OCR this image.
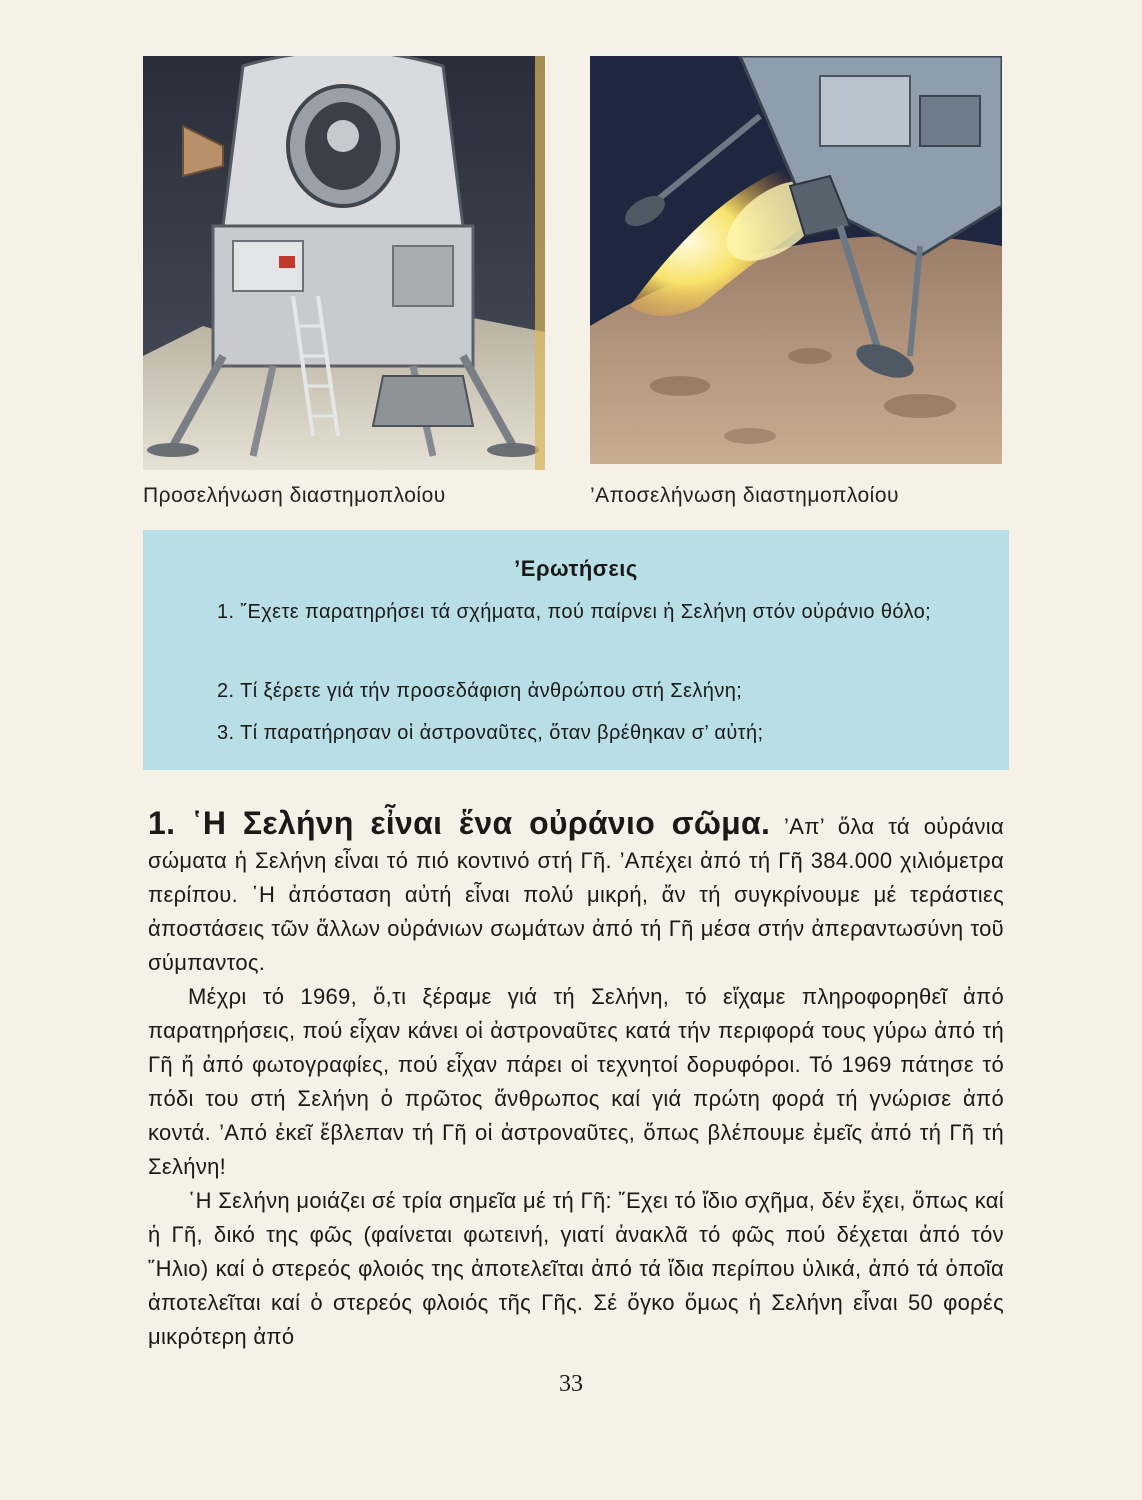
Προσελήνωση διαστημοπλοίου	’Αποσελήνωση διαστημοπλοίου
’Ερωτήσεις
1. ῎Εχετε παρατηρήσει τά σχήματα, πού παίρνει ἡ Σελήνη στόν οὐράνιο θόλο;
2. Τί ξέρετε γιά τήν προσεδάφιση ἀνθρώπου στή Σελήνη;
3. Τί παρατήρησαν οἱ ἀστροναῦτες, ὅταν βρέθηκαν σ’ αὐτή;

1. ῾Η Σελήνη εἶναι ἕνα οὐράνιο σῶμα. ’Απ’ ὅλα τά οὐράνια σώματα ἡ Σελήνη εἶναι τό πιό κοντινό στή Γῆ. ’Απέχει ἀπό τή Γῆ 384.000 χιλιόμετρα περίπου. ῾Η ἀπόσταση αὐτή εἶναι πολύ μικρή, ἄν τή συγκρίνουμε μέ τεράστιες ἀποστάσεις τῶν ἄλλων οὐράνιων σωμάτων ἀπό τή Γῆ μέσα στήν ἀπεραντωσύνη τοῦ σύμπαντος.

Μέχρι τό 1969, ὅ,τι ξέραμε γιά τή Σελήνη, τό εἴχαμε πληροφορηθεῖ ἀπό παρατηρήσεις, πού εἶχαν κάνει οἱ ἀστροναῦτες κατά τήν περιφορά τους γύρω ἀπό τή Γῆ ἤ ἀπό φωτογραφίες, πού εἶχαν πάρει οἱ τεχνητοί δορυφόροι. Τό 1969 πάτησε τό πόδι του στή Σελήνη ὁ πρῶτος ἄνθρωπος καί γιά πρώτη φορά τή γνώρισε ἀπό κοντά. ’Από ἐκεῖ ἔβλεπαν τή Γῆ οἱ ἀστροναῦτες, ὅπως βλέπουμε ἐμεῖς ἀπό τή Γῆ τή Σελήνη!

῾Η Σελήνη μοιάζει σέ τρία σημεῖα μέ τή Γῆ: ῎Εχει τό ἴδιο σχῆμα, δέν ἔχει, ὅπως καί ἡ Γῆ, δικό της φῶς (φαίνεται φωτεινή, γιατί ἀνακλᾶ τό φῶς πού δέχεται ἀπό τόν ῞Ηλιο) καί ὁ στερεός φλοιός της ἀποτελεῖται ἀπό τά ἴδια περίπου ὑλικά, ἀπό τά ὁποῖα ἀποτελεῖται καί ὁ στερεός φλοιός τῆς Γῆς. Σέ ὄγκο ὅμως ἡ Σελήνη εἶναι 50 φορές μικρότερη ἀπό

33
